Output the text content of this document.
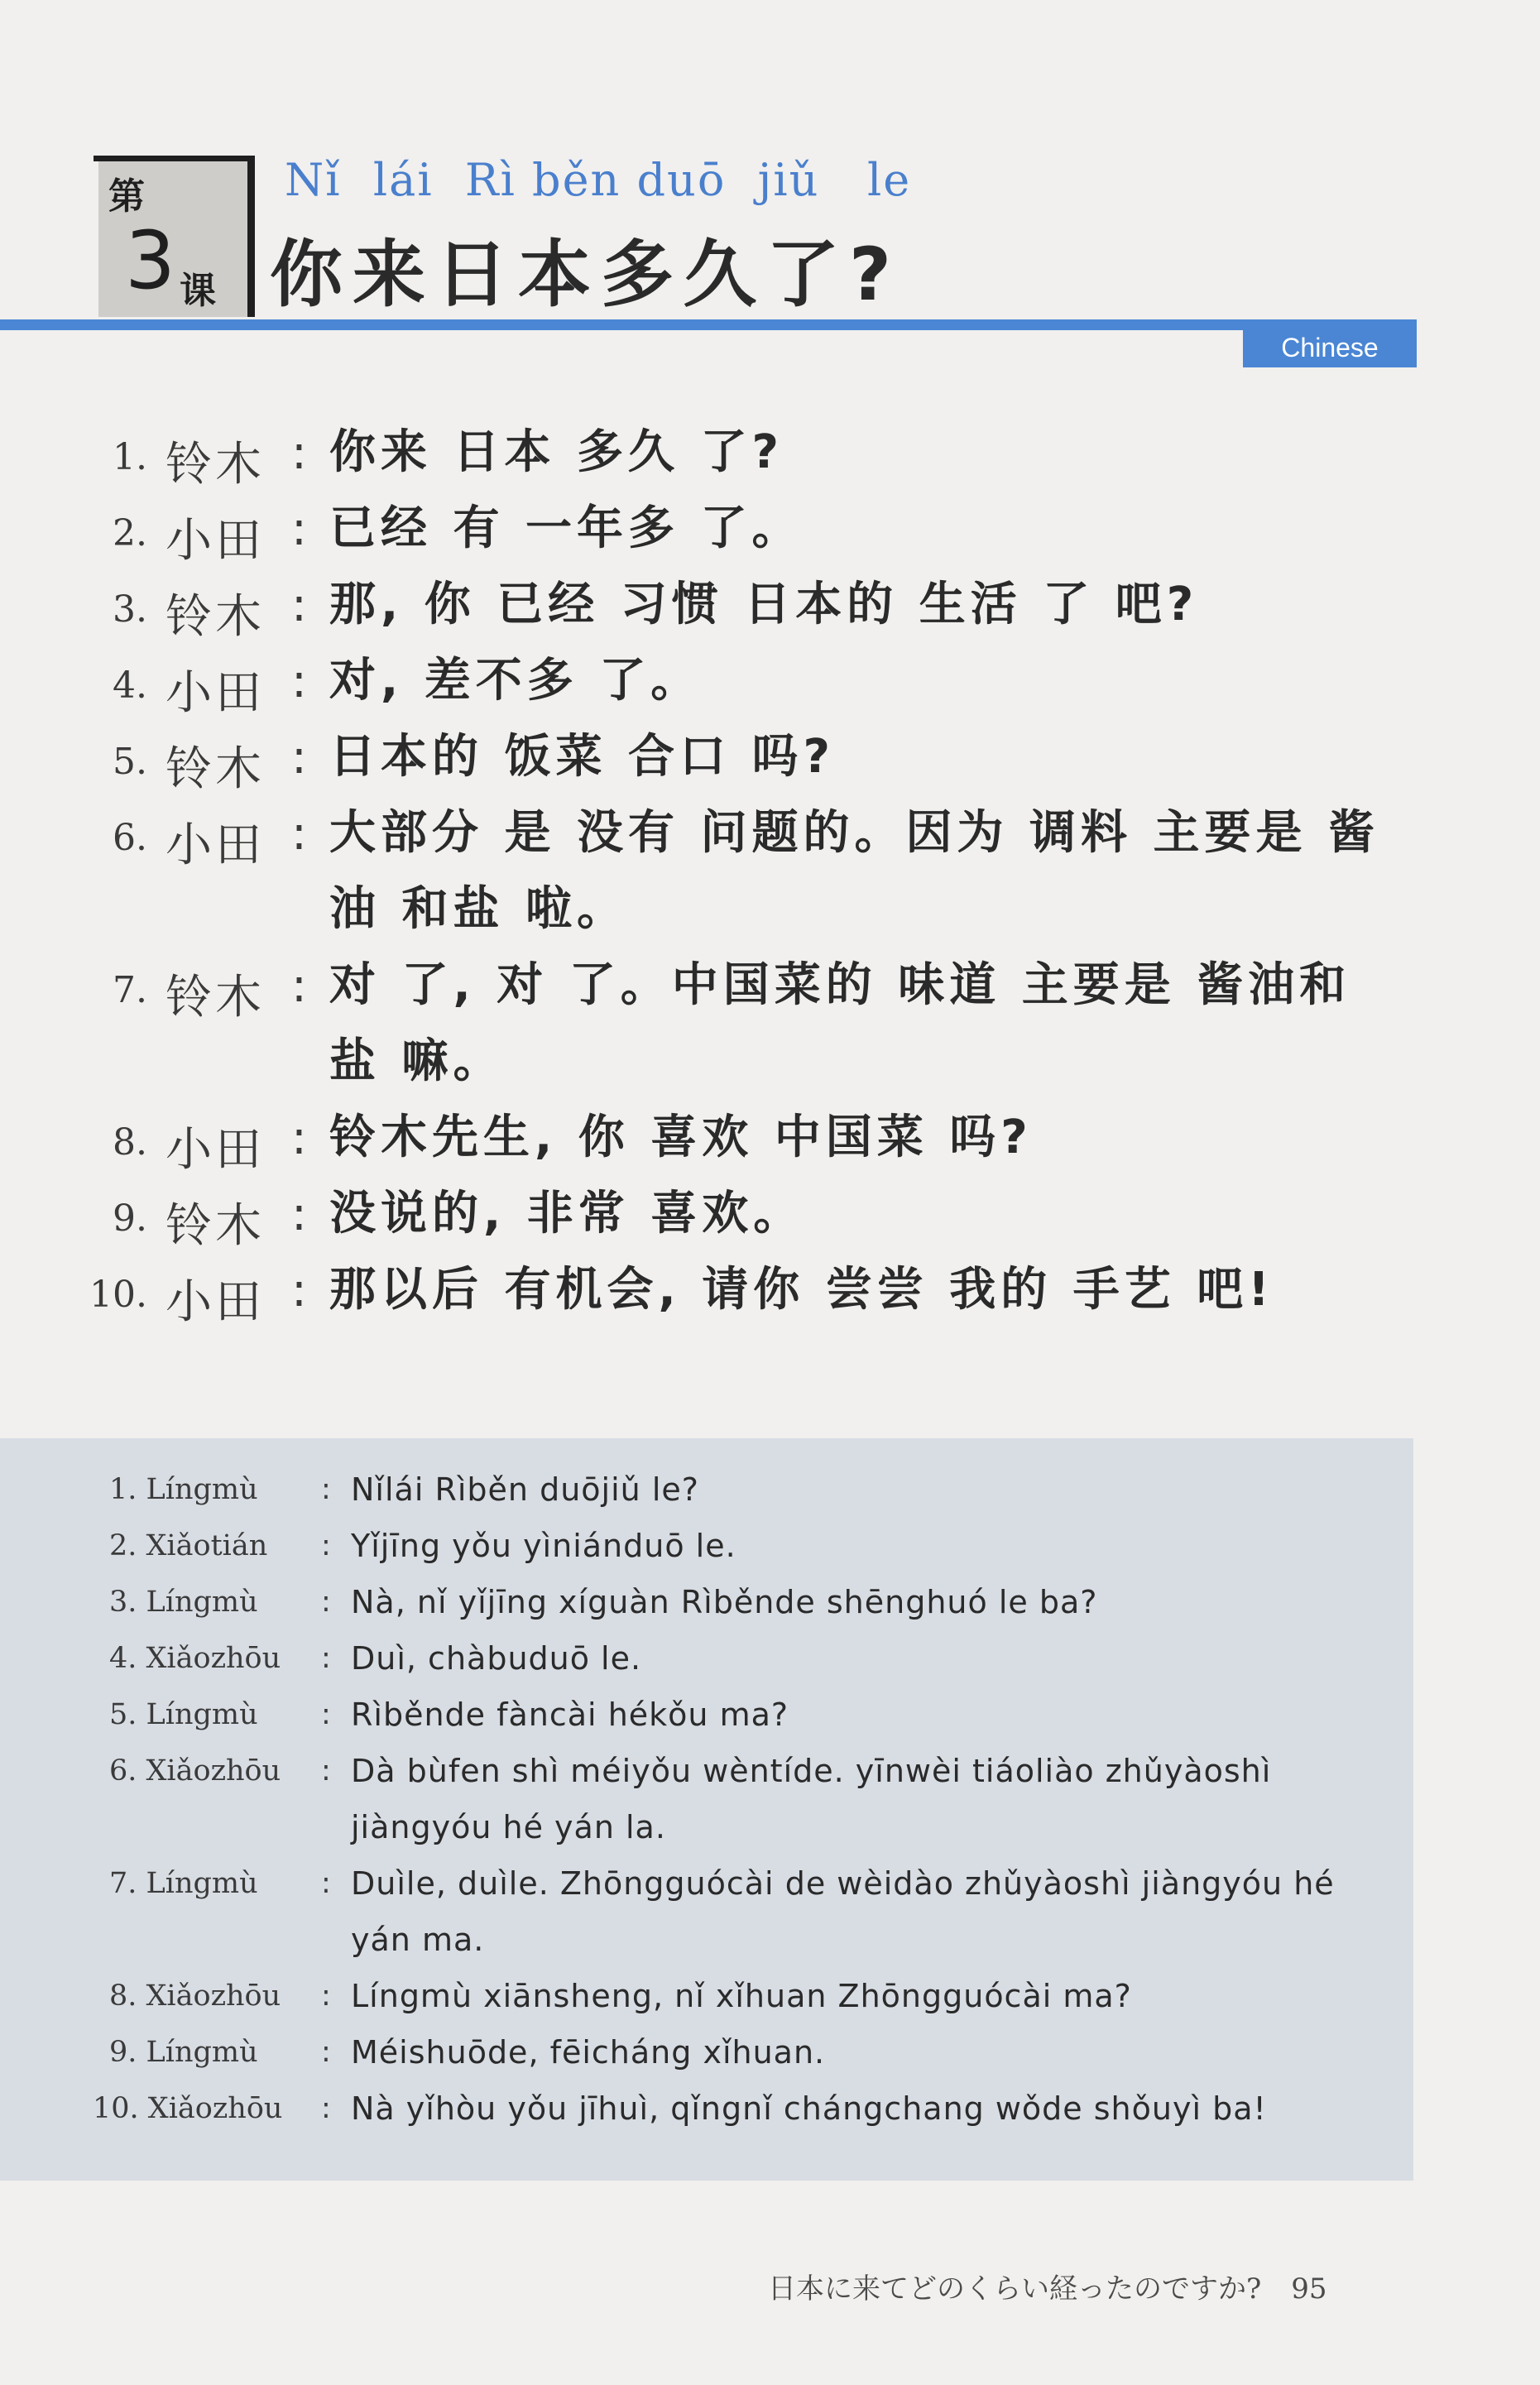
第
3 课
Nǐ  lái  Rì běn duō  jiǔ   le
你来日本多久了?
Chinese
1. 铃木 : 你来 日本 多久 了?
2. 小田 : 已经 有 一年多 了。
3. 铃木 : 那, 你 已经 习惯 日本的 生活 了 吧?
4. 小田 : 对, 差不多 了。
5. 铃木 : 日本的 饭菜 合口 吗?
6. 小田 : 大部分 是 没有 问题的。因为 调料 主要是 酱 油 和盐 啦。
7. 铃木 : 对 了, 对 了。中国菜的 味道 主要是 酱油和 盐 嘛。
8. 小田 : 铃木先生, 你 喜欢 中国菜 吗?
9. 铃木 : 没说的, 非常 喜欢。
10. 小田 : 那以后 有机会, 请你 尝尝 我的 手艺 吧!
1. Língmù : Nǐlái Rìběn duōjiǔ le?
2. Xiǎotián : Yǐjīng yǒu yìniánduō le.
3. Língmù : Nà, nǐ yǐjīng xíguàn Rìběnde shēnghuó le ba?
4. Xiǎozhōu : Duì, chàbuduō le.
5. Língmù : Rìběnde fàncài hékǒu ma?
6. Xiǎozhōu : Dà bùfen shì méiyǒu wèntíde. yīnwèi tiáoliào zhǔyàoshì jiàngyóu hé yán la.
7. Língmù : Duìle, duìle. Zhōngguócài de wèidào zhǔyàoshì jiàngyóu hé yán ma.
8. Xiǎozhōu : Língmù xiānsheng, nǐ xǐhuan Zhōngguócài ma?
9. Língmù : Méishuōde, fēicháng xǐhuan.
10. Xiǎozhōu : Nà yǐhòu yǒu jīhuì, qǐngnǐ chángchang wǒde shǒuyì ba!
日本に来てどのくらい経ったのですか? 95
